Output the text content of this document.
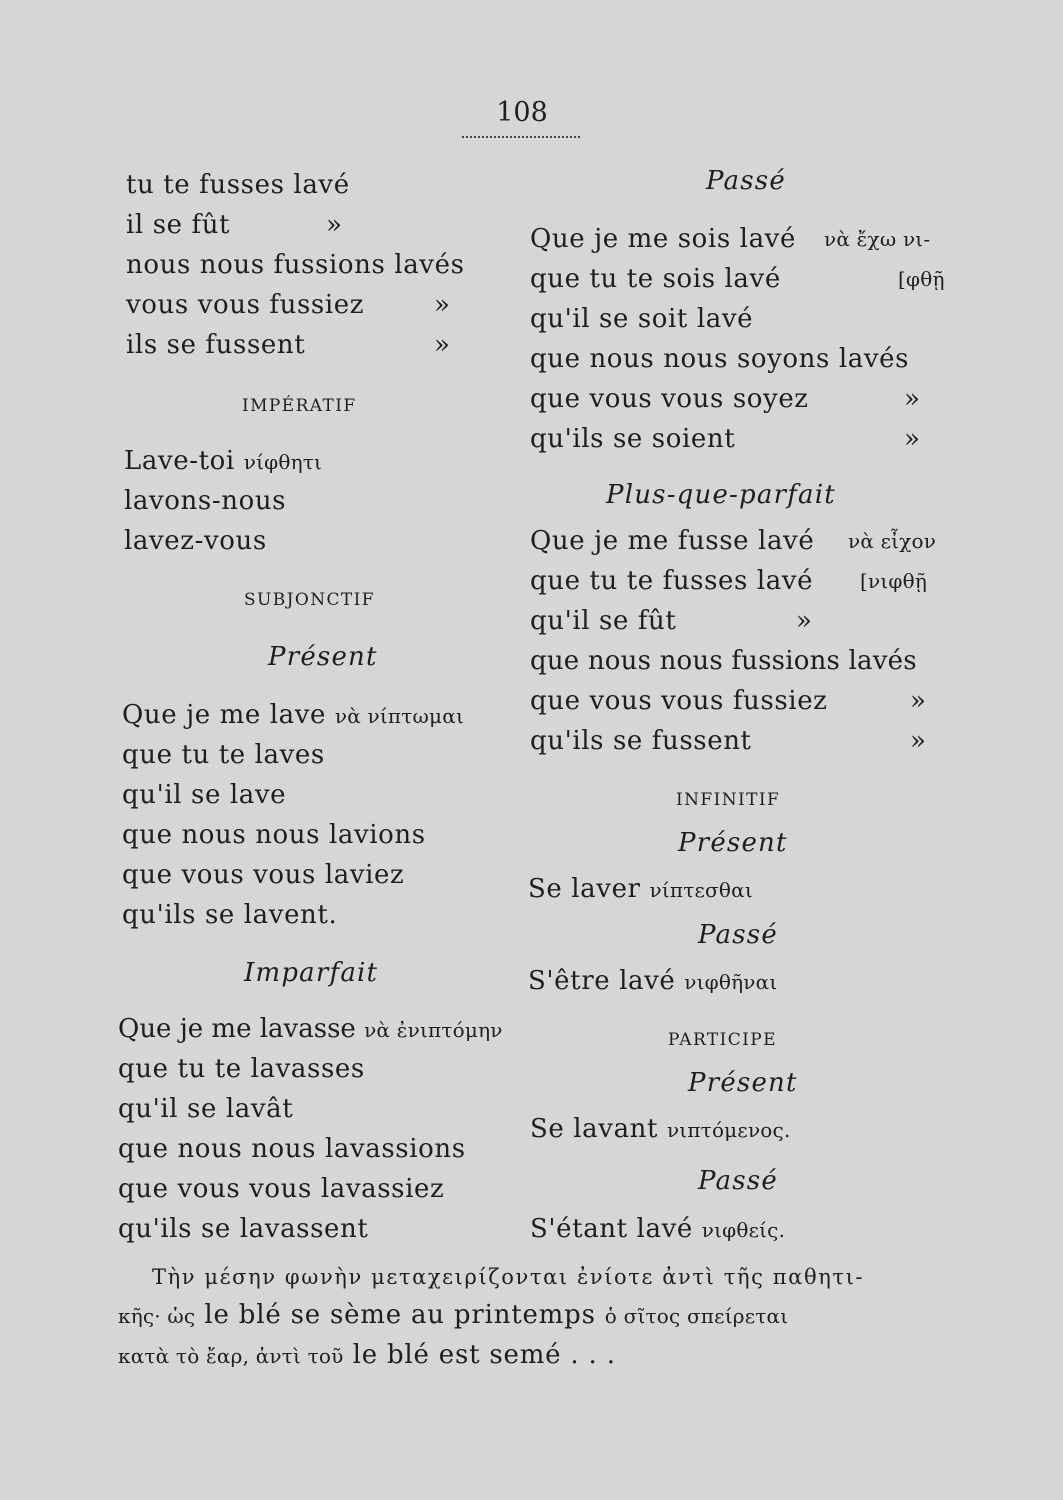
108
tu te fusses lavé
il se fût	»
nous nous fussions lavés
vous vous fussiez	»
ils se fussent	»
IMPÉRATIF
Lave-toi νίφθητι
lavons-nous
lavez-vous
SUBJONCTIF
Présent
Que je me lave νὰ νίπτωμαι
que tu te laves
qu'il se lave
que nous nous lavions
que vous vous laviez
qu'ils se lavent.
Imparfait
Que je me lavasse νὰ ἐνιπτόμην
que tu te lavasses
qu'il se lavât
que nous nous lavassions
que vous vous lavassiez
qu'ils se lavassent
Passé
Que je me sois lavé νὰ ἔχω νι-
que tu te sois lavé	[φθῇ
qu'il se soit lavé
que nous nous soyons lavés
que vous vous soyez	»
qu'ils se soient	»
Plus-que-parfait
Que je me fusse lavé νὰ εἶχον
que tu te fusses lavé [νιφθῇ
qu'il se fût	»
que nous nous fussions lavés
que vous vous fussiez	»
qu'ils se fussent	»
INFINITIF
Présent
Se laver νίπτεσθαι
Passé
S'être lavé νιφθῆναι
PARTICIPE
Présent
Se lavant νιπτόμενος.
Passé
S'étant lavé νιφθείς.
Τὴν μέσην φωνὴν μεταχειρίζονται ἐνίοτε ἀντὶ τῆς παθητι-
κῆς· ὡς le blé se sème au printemps ὁ σῖτος σπείρεται
κατὰ τὸ ἔαρ, ἀντὶ τοῦ le blé est semé . . .
